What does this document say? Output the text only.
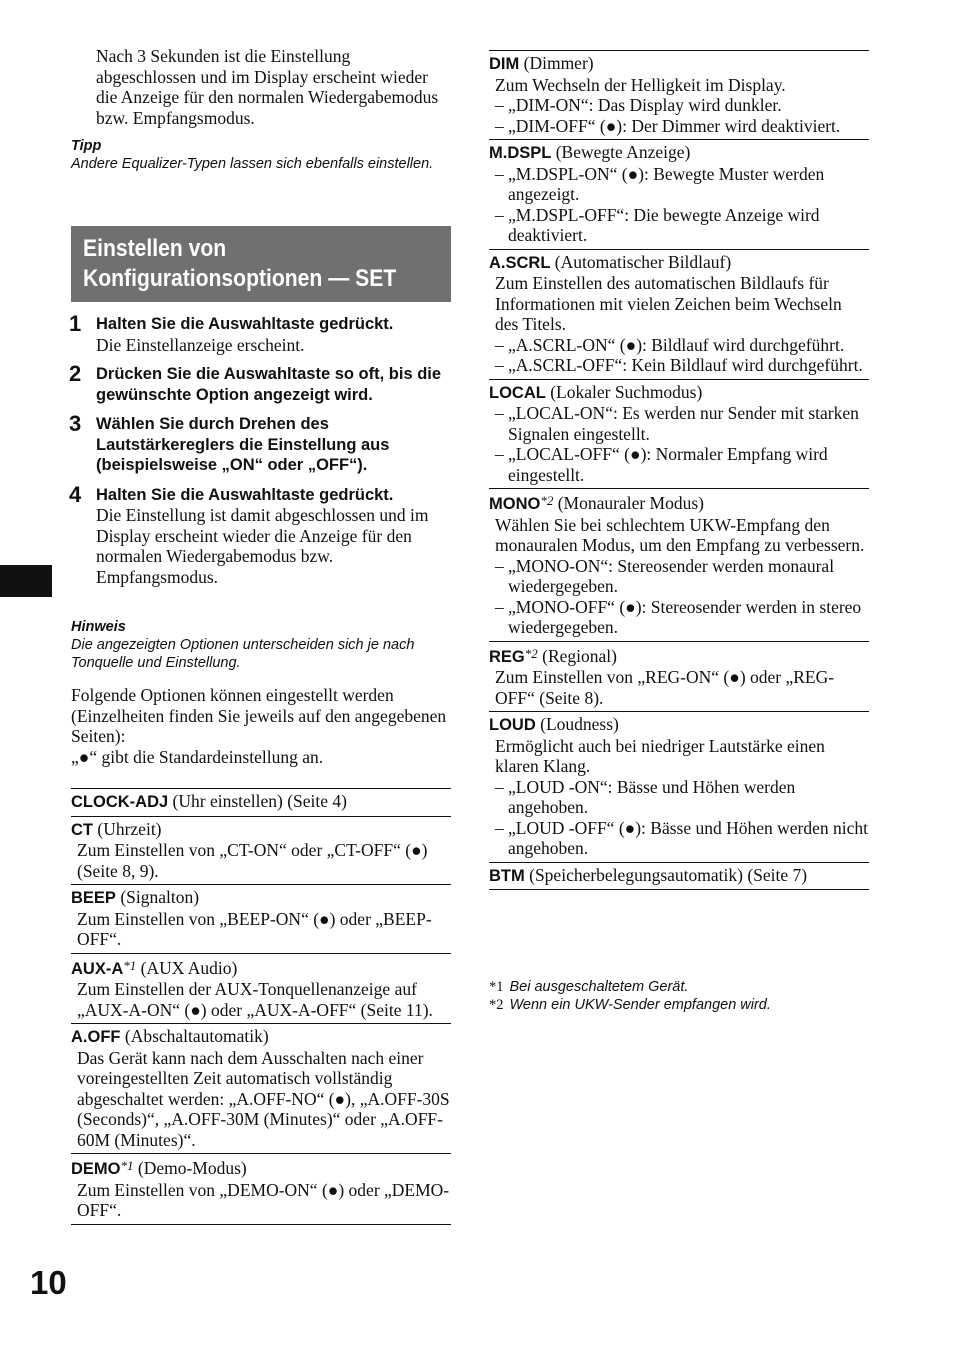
Nach 3 Sekunden ist die Einstellung abgeschlossen und im Display erscheint wieder die Anzeige für den normalen Wiedergabemodus bzw. Empfangsmodus.

Tipp
Andere Equalizer-Typen lassen sich ebenfalls einstellen.
Einstellen von
Konfigurationsoptionen — SET
1 Halten Sie die Auswahltaste gedrückt.
Die Einstellanzeige erscheint.
2 Drücken Sie die Auswahltaste so oft, bis die gewünschte Option angezeigt wird.
3 Wählen Sie durch Drehen des Lautstärkereglers die Einstellung aus (beispielsweise „ON“ oder „OFF“).
4 Halten Sie die Auswahltaste gedrückt.
Die Einstellung ist damit abgeschlossen und im Display erscheint wieder die Anzeige für den normalen Wiedergabemodus bzw. Empfangsmodus.
Hinweis
Die angezeigten Optionen unterscheiden sich je nach Tonquelle und Einstellung.
Folgende Optionen können eingestellt werden (Einzelheiten finden Sie jeweils auf den angegebenen Seiten):
„●“ gibt die Standardeinstellung an.
CLOCK-ADJ (Uhr einstellen) (Seite 4)
CT (Uhrzeit)
Zum Einstellen von „CT-ON“ oder „CT-OFF“ (●) (Seite 8, 9).
BEEP (Signalton)
Zum Einstellen von „BEEP-ON“ (●) oder „BEEP-OFF“.
AUX-$A^{*1}$ (AUX Audio)
Zum Einstellen der AUX-Tonquellenanzeige auf „AUX-A-ON“ (●) oder „AUX-A-OFF“ (Seite 11).
A.OFF (Abschaltautomatik)
Das Gerät kann nach dem Ausschalten nach einer voreingestellten Zeit automatisch vollständig abgeschaltet werden: „A.OFF-NO“ (●), „A.OFF-30S (Seconds)“, „A.OFF-30M (Minutes)“ oder „A.OFF-60M (Minutes)“.
DEMO$^{*1}$ (Demo-Modus)
Zum Einstellen von „DEMO-ON“ (●) oder „DEMO-OFF“.
DIM (Dimmer)
Zum Wechseln der Helligkeit im Display.
– „DIM-ON“: Das Display wird dunkler.
– „DIM-OFF“ (●): Der Dimmer wird deaktiviert.
M.DSPL (Bewegte Anzeige)
– „M.DSPL-ON“ (●): Bewegte Muster werden angezeigt.
– „M.DSPL-OFF“: Die bewegte Anzeige wird deaktiviert.
A.SCRL (Automatischer Bildlauf)
Zum Einstellen des automatischen Bildlaufs für Informationen mit vielen Zeichen beim Wechseln des Titels.
– „A.SCRL-ON“ (●): Bildlauf wird durchgeführt.
– „A.SCRL-OFF“: Kein Bildlauf wird durchgeführt.
LOCAL (Lokaler Suchmodus)
– „LOCAL-ON“: Es werden nur Sender mit starken Signalen eingestellt.
– „LOCAL-OFF“ (●): Normaler Empfang wird eingestellt.
MONO$^{*2}$ (Monauraler Modus)
Wählen Sie bei schlechtem UKW-Empfang den monauralen Modus, um den Empfang zu verbessern.
– „MONO-ON“: Stereosender werden monaural wiedergegeben.
– „MONO-OFF“ (●): Stereosender werden in stereo wiedergegeben.
REG$^{*2}$ (Regional)
Zum Einstellen von „REG-ON“ (●) oder „REG-OFF“ (Seite 8).
LOUD (Loudness)
Ermöglicht auch bei niedriger Lautstärke einen klaren Klang.
– „LOUD -ON“: Bässe und Höhen werden angehoben.
– „LOUD -OFF“ (●): Bässe und Höhen werden nicht angehoben.
BTM (Speicherbelegungsautomatik) (Seite 7)
*1 Bei ausgeschaltetem Gerät.
*2 Wenn ein UKW-Sender empfangen wird.
10
